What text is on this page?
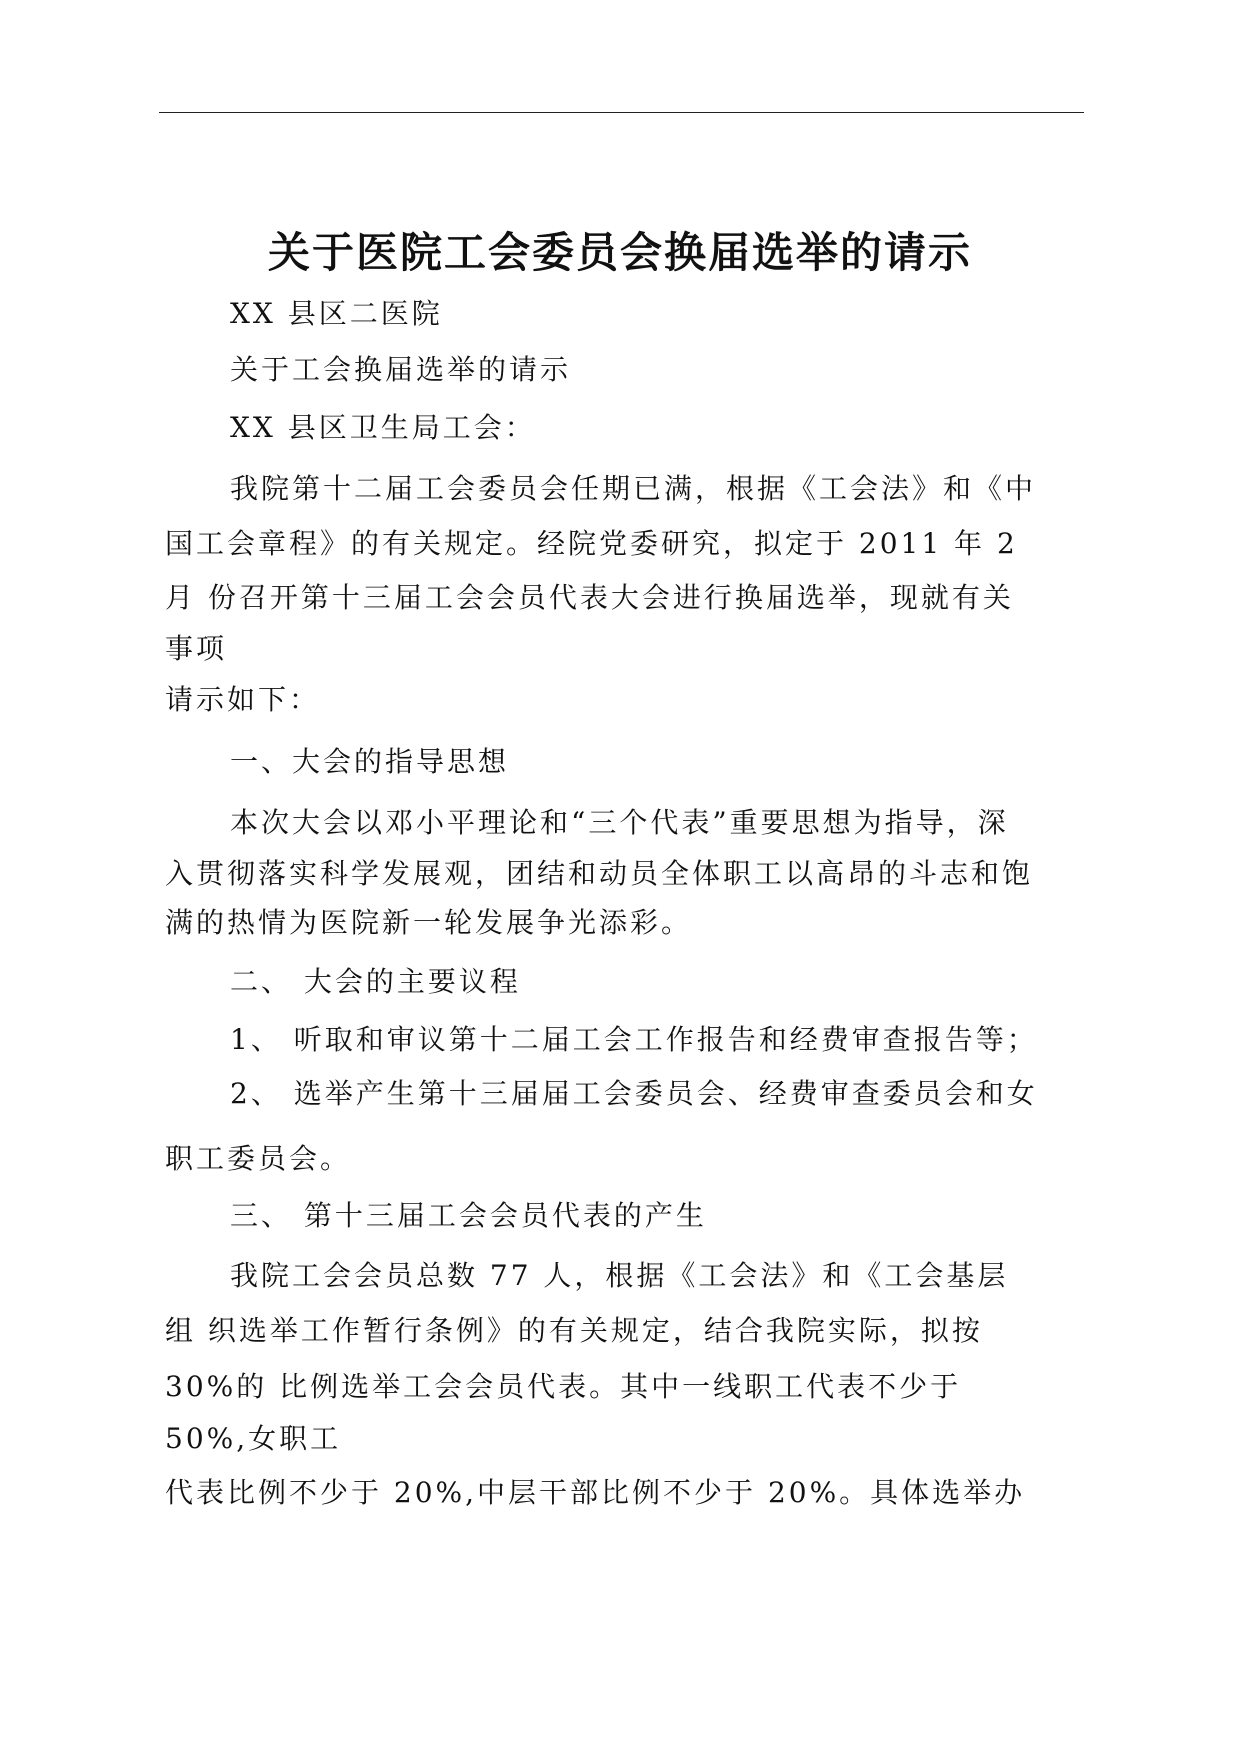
关于医院工会委员会换届选举的请示

XX 县区二医院

关于工会换届选举的请示

XX 县区卫生局工会：

我院第十二届工会委员会任期已满，根据《工会法》和《中

国工会章程》的有关规定。经院党委研究，拟定于 2011 年 2

月 份召开第十三届工会会员代表大会进行换届选举，现就有关

事项

请示如下：

一、大会的指导思想

本次大会以邓小平理论和“三个代表”重要思想为指导，深

入贯彻落实科学发展观，团结和动员全体职工以高昂的斗志和饱

满的热情为医院新一轮发展争光添彩。

二、 大会的主要议程

1、 听取和审议第十二届工会工作报告和经费审查报告等；

2、 选举产生第十三届届工会委员会、经费审查委员会和女

职工委员会。

三、 第十三届工会会员代表的产生

我院工会会员总数 77 人，根据《工会法》和《工会基层

组 织选举工作暂行条例》的有关规定，结合我院实际，拟按

30%的 比例选举工会会员代表。其中一线职工代表不少于

50%,女职工

代表比例不少于 20%,中层干部比例不少于 20%。具体选举办
